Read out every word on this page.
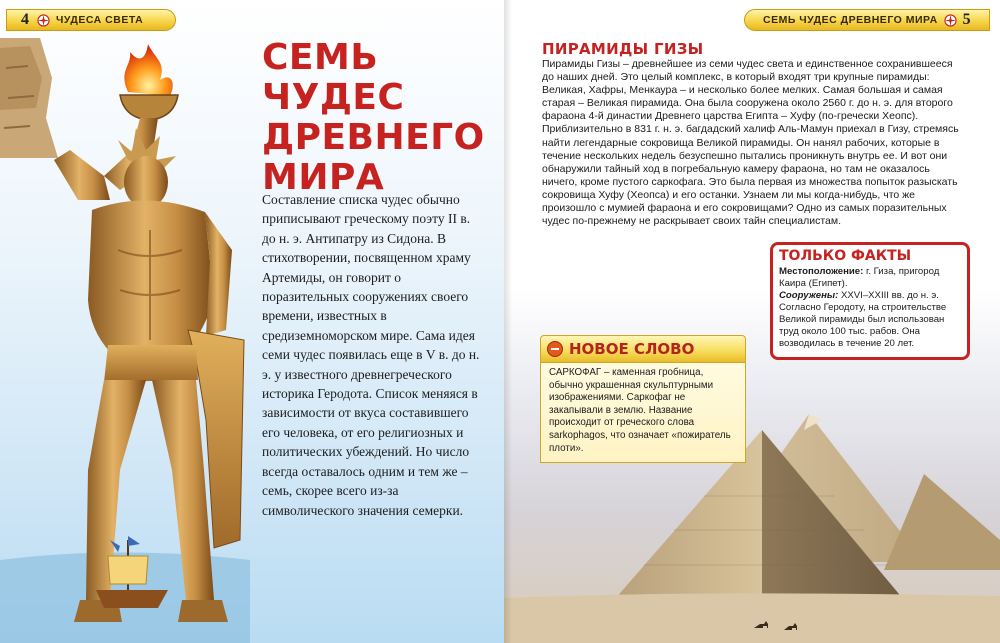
4	ЧУДЕСА СВЕТА
СЕМЬ
ЧУДЕС
ДРЕВНЕГО
МИРА

Составление списка чудес обычно приписывают греческому поэту II в. до н. э. Антипатру из Сидона. В стихотворении, посвященном храму Артемиды, он говорит о поразительных сооружениях своего времени, известных в средиземноморском мире. Сама идея семи чудес появилась еще в V в. до н. э. у известного древнегреческого историка Геродота. Список меняяся в зависимости от вкуса составившего его человека, от его религиозных и политических убеждений. Но число всегда оставалось одним и тем же – семь, скорее всего из-за символического значения семерки.

СЕМЬ ЧУДЕС ДРЕВНЕГО МИРА 5
ПИРАМИДЫ ГИЗЫ

Пирамиды Гизы – древнейшее из семи чудес света и единственное сохранившееся до наших дней. Это целый комплекс, в который входят три крупные пирамиды: Великая, Хафры, Менкаура – и несколько более мелких. Самая большая и самая старая – Великая пирамида. Она была сооружена около 2560 г. до н. э. для второго фараона 4-й династии Древнего царства Египта – Хуфу (по-гречески Хеопс). Приблизительно в 831 г. н. э. багдадский халиф Аль-Мамун приехал в Гизу, стремясь найти легендарные сокровища Великой пирамиды. Он нанял рабочих, которые в течение нескольких недель безуспешно пытались проникнуть внутрь ее. И вот они обнаружили тайный ход в погребальную камеру фараона, но там не оказалось ничего, кроме пустого саркофага. Это была первая из множества попыток разыскать сокровища Хуфу (Хеопса) и его останки. Узнаем ли мы когда-нибудь, что же произошло с мумией фараона и его сокровищами? Одно из самых поразительных чудес по-прежнему не раскрывает своих тайн специалистам.

ТОЛЬКО ФАКТЫ

Местоположение: г. Гиза, пригород Каира (Египет).
Сооружены: XXVI–XXIII вв. до н. э. Согласно Геродоту, на строительстве Великой пирамиды был использован труд около 100 тыс. рабов. Она возводилась в течение 20 лет.

НОВОЕ СЛОВО

САРКОФАГ – каменная гробница, обычно украшенная скульптурными изображениями. Саркофаг не закапывали в землю. Название происходит от греческого слова sarkophagos, что означает «пожиратель плоти».
